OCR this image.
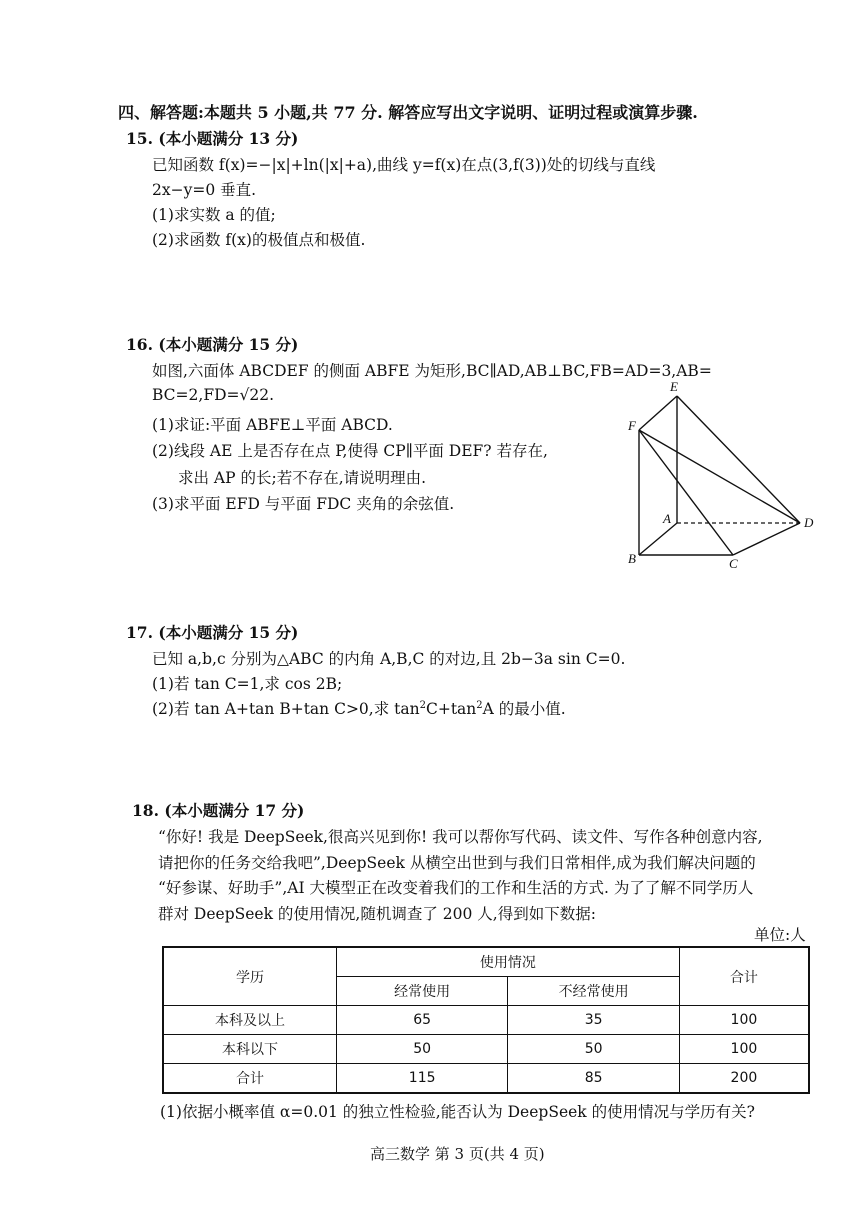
四、解答题:本题共 5 小题,共 77 分. 解答应写出文字说明、证明过程或演算步骤.
15. (本小题满分 13 分)
已知函数 f(x)=−|x|+ln(|x|+a),曲线 y=f(x)在点(3,f(3))处的切线与直线
2x−y=0 垂直.
(1)求实数 a 的值;
(2)求函数 f(x)的极值点和极值.
16. (本小题满分 15 分)
如图,六面体 ABCDEF 的侧面 ABFE 为矩形,BC∥AD,AB⊥BC,FB=AD=3,AB=
BC=2,FD=√22.
(1)求证:平面 ABFE⊥平面 ABCD.
(2)线段 AE 上是否存在点 P,使得 CP∥平面 DEF? 若存在,
求出 AP 的长;若不存在,请说明理由.
(3)求平面 EFD 与平面 FDC 夹角的余弦值.
E
F
A
B	C
D
17. (本小题满分 15 分)
已知 a,b,c 分别为△ABC 的内角 A,B,C 的对边,且 2b−3a sin C=0.
(1)若 tan C=1,求 cos 2B;
(2)若 tan A+tan B+tan C>0,求 $\tan^2C+\tan^2A$ 的最小值.
18. (本小题满分 17 分)
“你好! 我是 DeepSeek,很高兴见到你! 我可以帮你写代码、读文件、写作各种创意内容,
请把你的任务交给我吧”,DeepSeek 从横空出世到与我们日常相伴,成为我们解决问题的
“好参谋、好助手”,AI 大模型正在改变着我们的工作和生活的方式. 为了了解不同学历人
群对 DeepSeek 的使用情况,随机调查了 200 人,得到如下数据:
单位:人
学历	使用情况		合计
	经常使用	不经常使用	
本科及以上	65	35	100
本科以下	50	50	100
合计	115	85	200
(1)依据小概率值 α=0.01 的独立性检验,能否认为 DeepSeek 的使用情况与学历有关?
高三数学 第 3 页(共 4 页)
